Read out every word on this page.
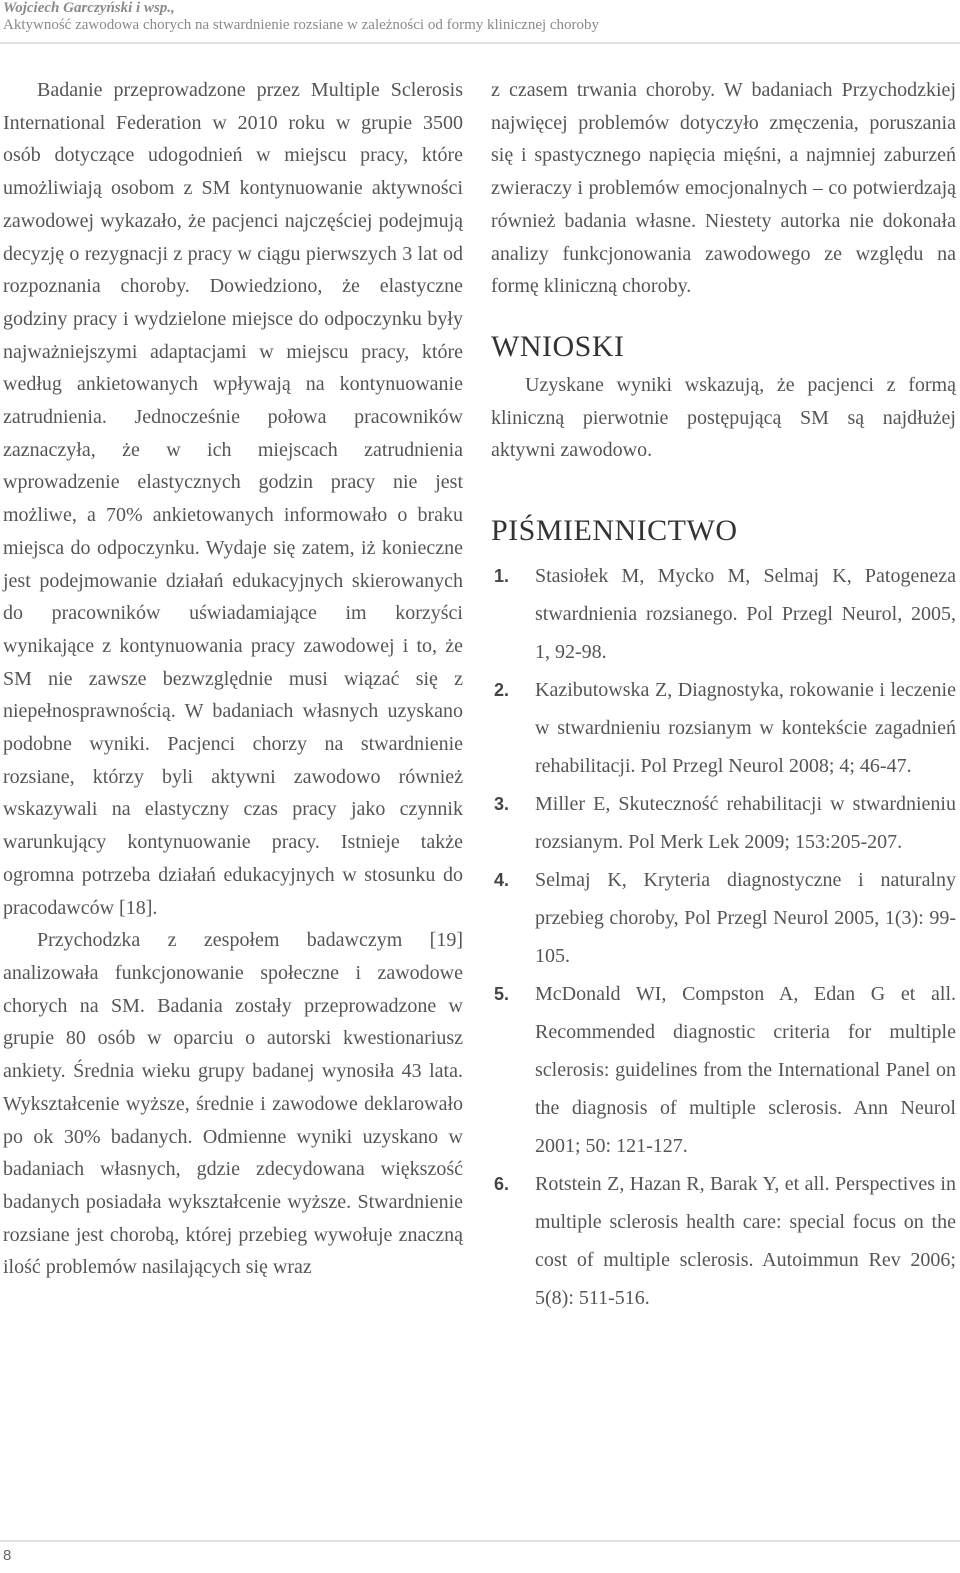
Wojciech Garczyński i wsp.,
Aktywność zawodowa chorych na stwardnienie rozsiane w zależności od formy klinicznej choroby

Badanie przeprowadzone przez Multiple Sclerosis International Federation w 2010 roku w grupie 3500 osób dotyczące udogodnień w miejscu pracy, które umożliwiają osobom z SM kontynuowanie aktywności zawodowej wykazało, że pacjenci najczęściej podejmują decyzję o rezygnacji z pracy w ciągu pierwszych 3 lat od rozpoznania choroby. Dowiedziono, że elastyczne godziny pracy i wydzielone miejsce do odpoczynku były najważniejszymi adaptacjami w miejscu pracy, które według ankietowanych wpływają na kontynuowanie zatrudnienia. Jednocześnie połowa pracowników zaznaczyła, że w ich miejscach zatrudnienia wprowadzenie elastycznych godzin pracy nie jest możliwe, a 70% ankietowanych informowało o braku miejsca do odpoczynku. Wydaje się zatem, iż konieczne jest podejmowanie działań edukacyjnych skierowanych do pracowników uświadamiające im korzyści wynikające z kontynuowania pracy zawodowej i to, że SM nie zawsze bezwzględnie musi wiązać się z niepełnosprawnością. W badaniach własnych uzyskano podobne wyniki. Pacjenci chorzy na stwardnienie rozsiane, którzy byli aktywni zawodowo również wskazywali na elastyczny czas pracy jako czynnik warunkujący kontynuowanie pracy. Istnieje także ogromna potrzeba działań edukacyjnych w stosunku do pracodawców [18].

Przychodzka z zespołem badawczym [19] analizowała funkcjonowanie społeczne i zawodowe chorych na SM. Badania zostały przeprowadzone w grupie 80 osób w oparciu o autorski kwestionariusz ankiety. Średnia wieku grupy badanej wynosiła 43 lata. Wykształcenie wyższe, średnie i zawodowe deklarowało po ok 30% badanych. Odmienne wyniki uzyskano w badaniach własnych, gdzie zdecydowana większość badanych posiadała wykształcenie wyższe. Stwardnienie rozsiane jest chorobą, której przebieg wywołuje znaczną ilość problemów nasilających się wraz

z czasem trwania choroby. W badaniach Przychodzkiej najwięcej problemów dotyczyło zmęczenia, poruszania się i spastycznego napięcia mięśni, a najmniej zaburzeń zwieraczy i problemów emocjonalnych – co potwierdzają również badania własne. Niestety autorka nie dokonała analizy funkcjonowania zawodowego ze względu na formę kliniczną choroby.

WNIOSKI

Uzyskane wyniki wskazują, że pacjenci z formą kliniczną pierwotnie postępującą SM są najdłużej aktywni zawodowo.

PIŚMIENNICTWO
1. Stasiołek M, Mycko M, Selmaj K, Patogeneza stwardnienia rozsianego. Pol Przegl Neurol, 2005, 1, 92-98.
2. Kazibutowska Z, Diagnostyka, rokowanie i leczenie w stwardnieniu rozsianym w kontekście zagadnień rehabilitacji. Pol Przegl Neurol 2008; 4; 46-47.
3. Miller E, Skuteczność rehabilitacji w stwardnieniu rozsianym. Pol Merk Lek 2009; 153:205-207.
4. Selmaj K, Kryteria diagnostyczne i naturalny przebieg choroby, Pol Przegl Neurol 2005, 1(3): 99-105.
5. McDonald WI, Compston A, Edan G et all. Recommended diagnostic criteria for multiple sclerosis: guidelines from the International Panel on the diagnosis of multiple sclerosis. Ann Neurol 2001; 50: 121-127.
6. Rotstein Z, Hazan R, Barak Y, et all. Perspectives in multiple sclerosis health care: special focus on the cost of multiple sclerosis. Autoimmun Rev 2006; 5(8): 511-516.
8
